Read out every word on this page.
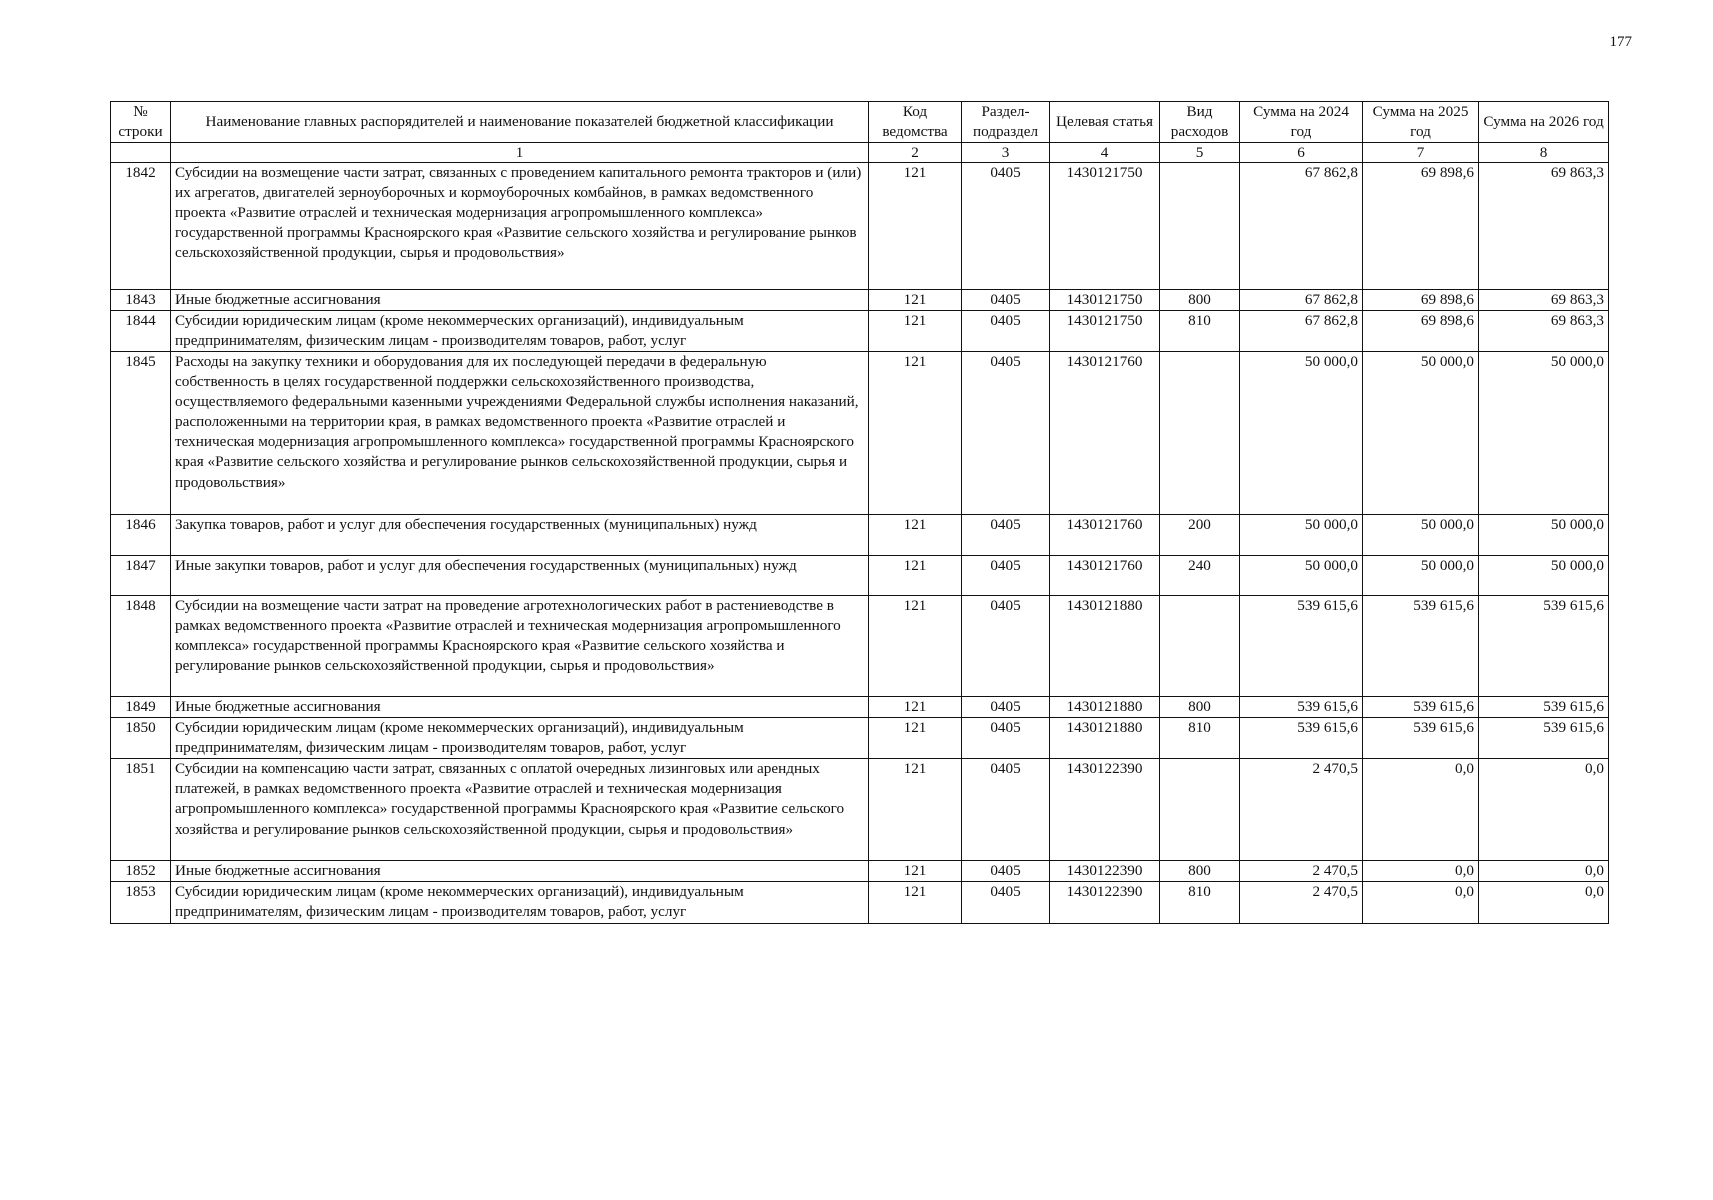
177
№ строки	Наименование главных распорядителей и наименование показателей бюджетной классификации	Код ведомства	Раздел-подраздел	Целевая статья	Вид расходов	Сумма на 2024 год	Сумма на 2025 год	Сумма на 2026 год
	1	2	3	4	5	6	7	8
1842	Субсидии на возмещение части затрат, связанных с проведением капитального ремонта тракторов и (или) их агрегатов, двигателей зерноуборочных и кормоуборочных комбайнов, в рамках ведомственного проекта «Развитие отраслей и техническая модернизация агропромышленного комплекса» государственной программы Красноярского края «Развитие сельского хозяйства и регулирование рынков сельскохозяйственной продукции, сырья и продовольствия»	121	0405	1430121750		67 862,8	69 898,6	69 863,3
1843	Иные бюджетные ассигнования	121	0405	1430121750	800	67 862,8	69 898,6	69 863,3
1844	Субсидии юридическим лицам (кроме некоммерческих организаций), индивидуальным предпринимателям, физическим лицам - производителям товаров, работ, услуг	121	0405	1430121750	810	67 862,8	69 898,6	69 863,3
1845	Расходы на закупку техники и оборудования для их последующей передачи в федеральную собственность в целях государственной поддержки сельскохозяйственного производства, осуществляемого федеральными казенными учреждениями Федеральной службы исполнения наказаний, расположенными на территории края, в рамках ведомственного проекта «Развитие отраслей и техническая модернизация агропромышленного комплекса» государственной программы Красноярского края «Развитие сельского хозяйства и регулирование рынков сельскохозяйственной продукции, сырья и продовольствия»	121	0405	1430121760		50 000,0	50 000,0	50 000,0
1846	Закупка товаров, работ и услуг для обеспечения государственных (муниципальных) нужд	121	0405	1430121760	200	50 000,0	50 000,0	50 000,0
1847	Иные закупки товаров, работ и услуг для обеспечения государственных (муниципальных) нужд	121	0405	1430121760	240	50 000,0	50 000,0	50 000,0
1848	Субсидии на возмещение части затрат на проведение агротехнологических работ в растениеводстве в рамках ведомственного проекта «Развитие отраслей и техническая модернизация агропромышленного комплекса» государственной программы Красноярского края «Развитие сельского хозяйства и регулирование рынков сельскохозяйственной продукции, сырья и продовольствия»	121	0405	1430121880		539 615,6	539 615,6	539 615,6
1849	Иные бюджетные ассигнования	121	0405	1430121880	800	539 615,6	539 615,6	539 615,6
1850	Субсидии юридическим лицам (кроме некоммерческих организаций), индивидуальным предпринимателям, физическим лицам - производителям товаров, работ, услуг	121	0405	1430121880	810	539 615,6	539 615,6	539 615,6
1851	Субсидии на компенсацию части затрат, связанных с оплатой очередных лизинговых или арендных платежей, в рамках ведомственного проекта «Развитие отраслей и техническая модернизация агропромышленного комплекса» государственной программы Красноярского края «Развитие сельского хозяйства и регулирование рынков сельскохозяйственной продукции, сырья и продовольствия»	121	0405	1430122390		2 470,5	0,0	0,0
1852	Иные бюджетные ассигнования	121	0405	1430122390	800	2 470,5	0,0	0,0
1853	Субсидии юридическим лицам (кроме некоммерческих организаций), индивидуальным предпринимателям, физическим лицам - производителям товаров, работ, услуг	121	0405	1430122390	810	2 470,5	0,0	0,0
